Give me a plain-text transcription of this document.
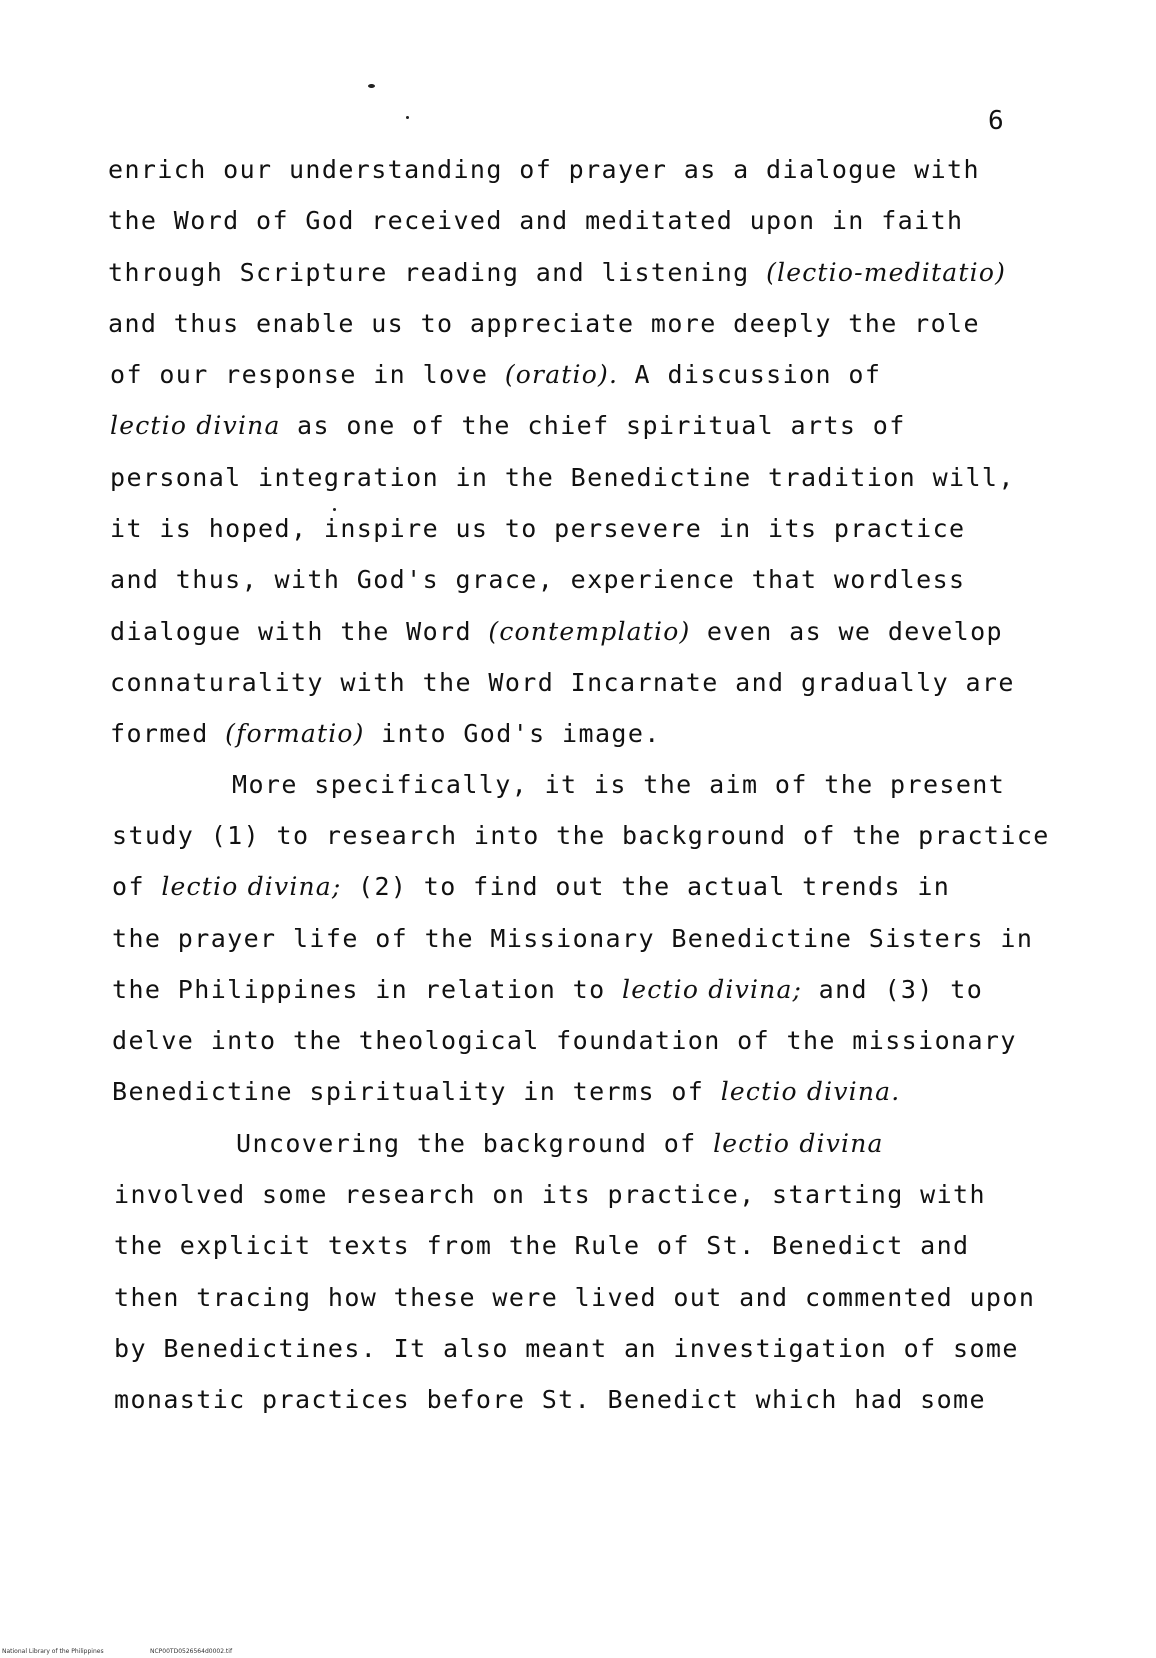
6
enrich our understanding of prayer as a dialogue with
the Word of God received and meditated upon in faith
through Scripture reading and listening (lectio-meditatio)
and thus enable us to appreciate more deeply the role
of our response in love (oratio). A discussion of
lectio divina as one of the chief spiritual arts of
personal integration in the Benedictine tradition will,
it is hoped, inspire us to persevere in its practice
and thus, with God's grace, experience that wordless
dialogue with the Word (contemplatio) even as we develop
connaturality with the Word Incarnate and gradually are
formed (formatio) into God's image.
More specifically, it is the aim of the present
study (1) to research into the background of the practice
of lectio divina; (2) to find out the actual trends in
the prayer life of the Missionary Benedictine Sisters in
the Philippines in relation to lectio divina; and (3) to
delve into the theological foundation of the missionary
Benedictine spirituality in terms of lectio divina.
Uncovering the background of lectio divina
involved some research on its practice, starting with
the explicit texts from the Rule of St. Benedict and
then tracing how these were lived out and commented upon
by Benedictines. It also meant an investigation of some
monastic practices before St. Benedict which had some
National Library of the Philippines	NCP00TD0526564d0002.tif
